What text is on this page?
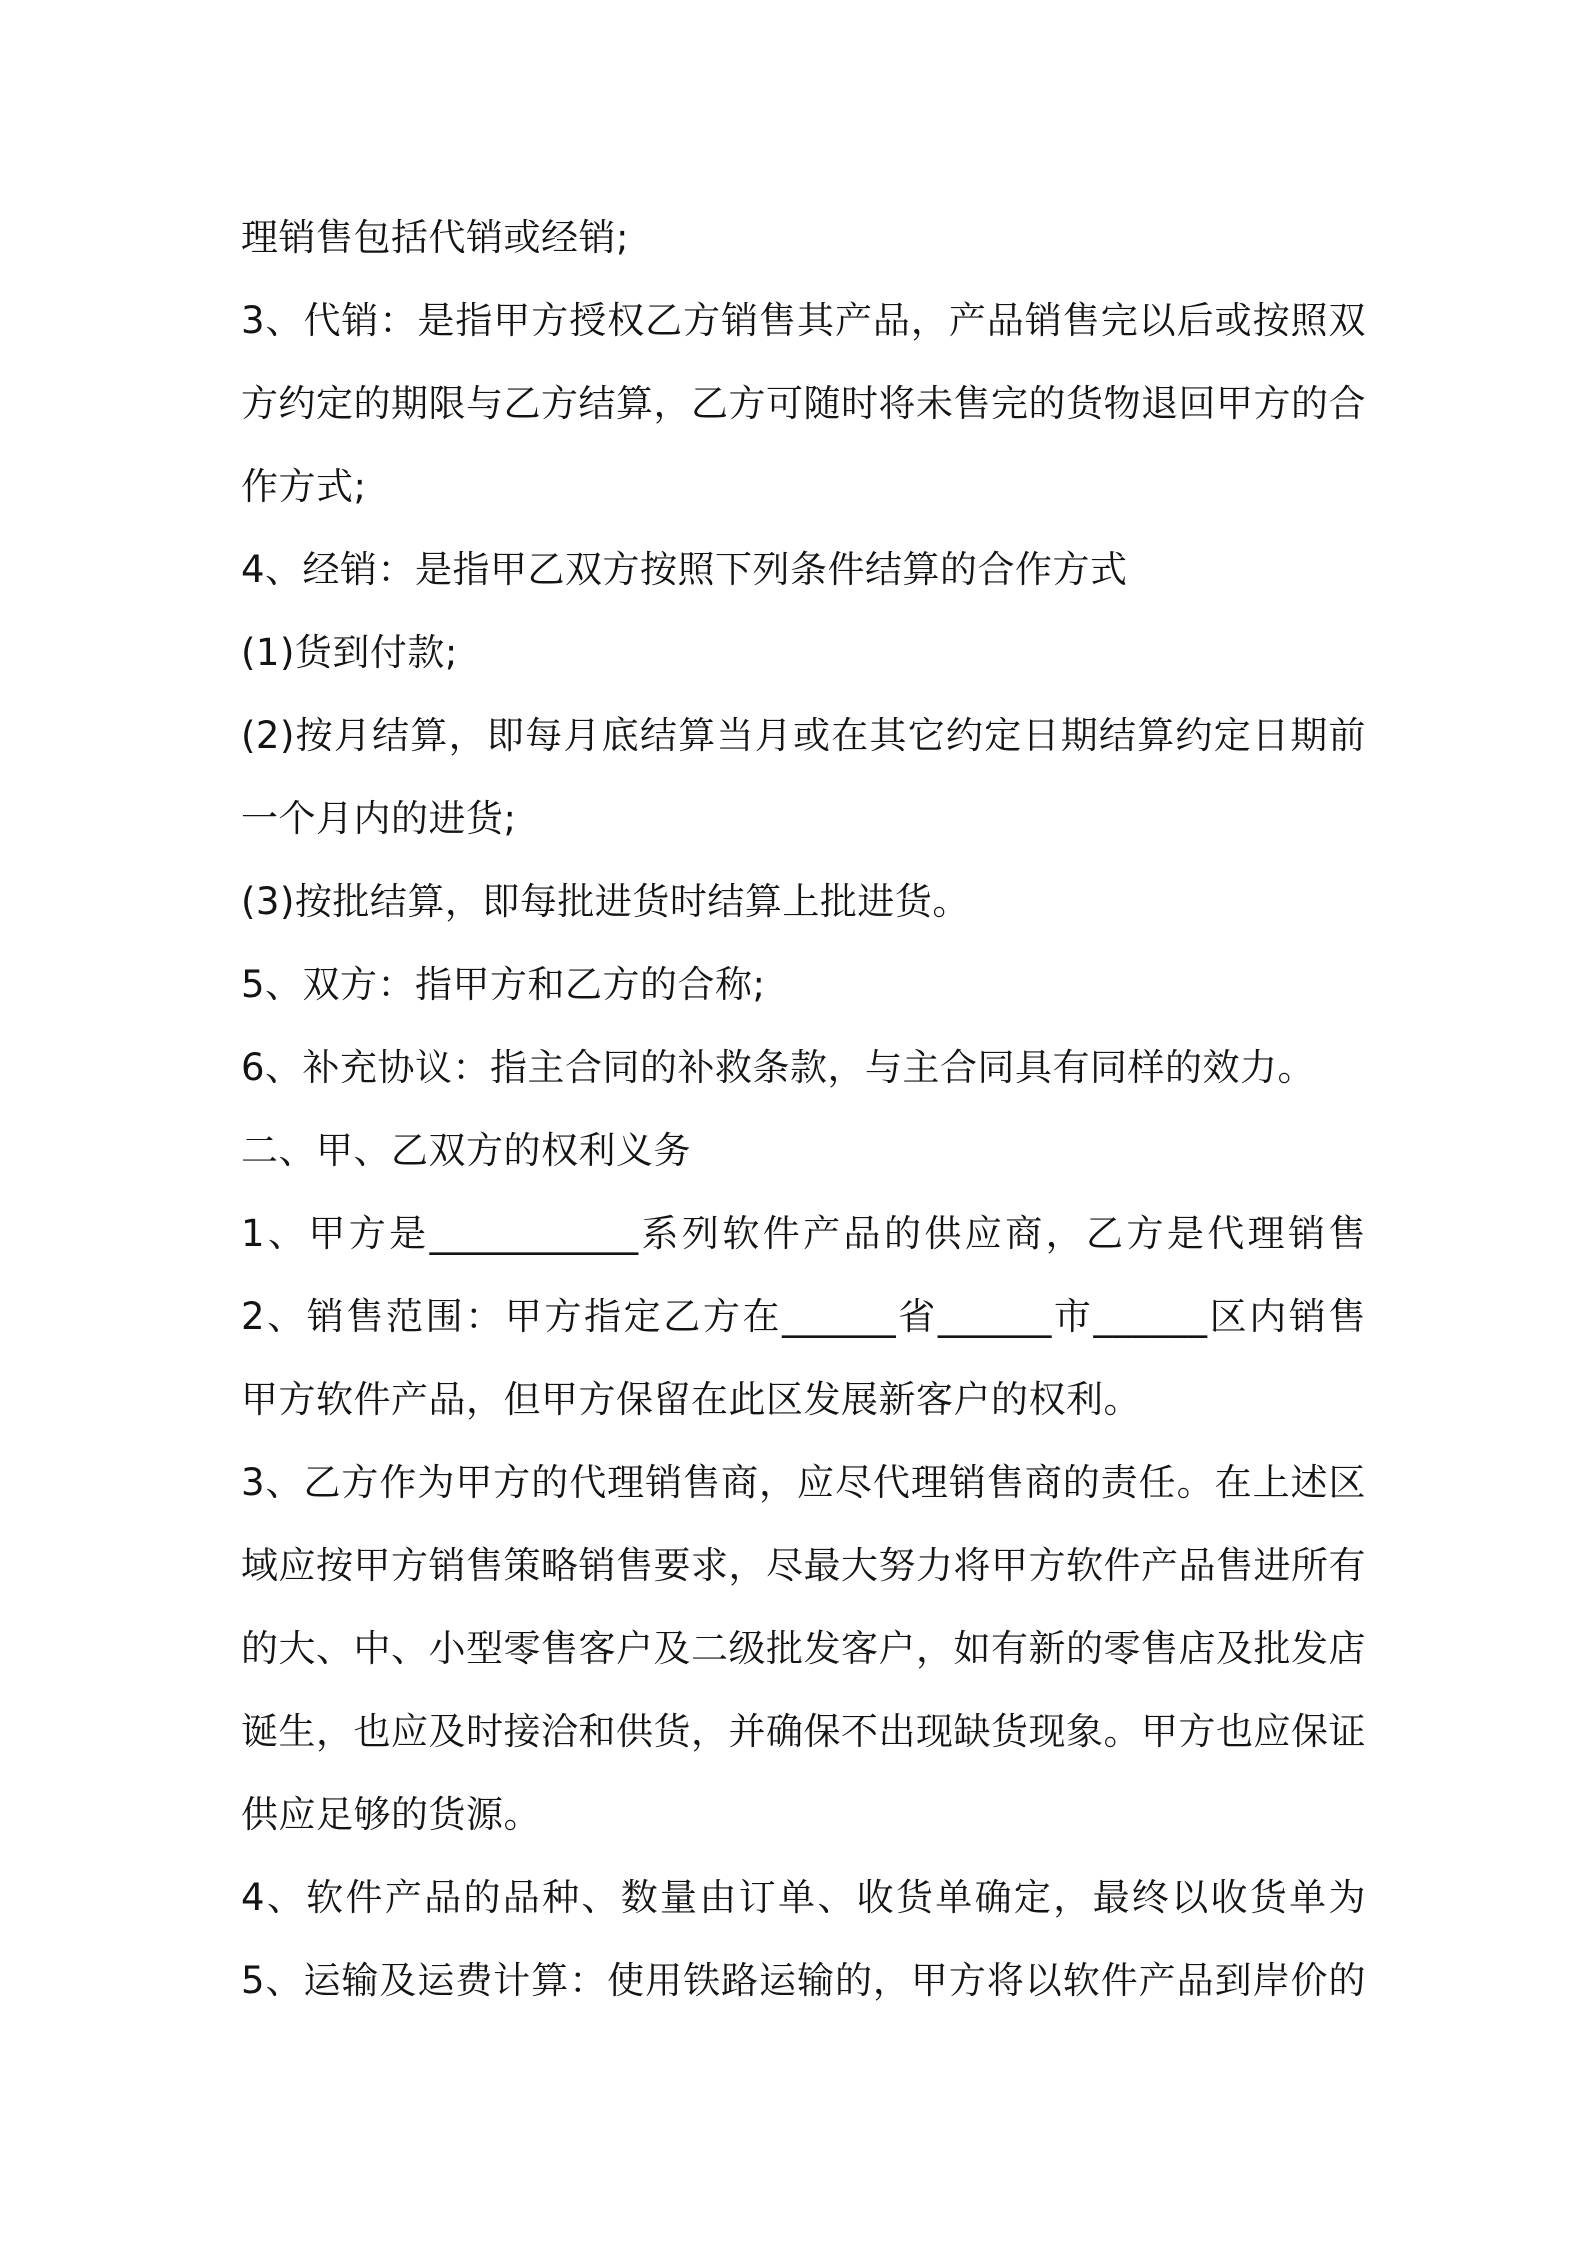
理销售包括代销或经销;
3、代销：是指甲方授权乙方销售其产品，产品销售完以后或按照双
方约定的期限与乙方结算，乙方可随时将未售完的货物退回甲方的合
作方式;
4、经销：是指甲乙双方按照下列条件结算的合作方式
(1)货到付款;
(2)按月结算，即每月底结算当月或在其它约定日期结算约定日期前
一个月内的进货;
(3)按批结算，即每批进货时结算上批进货。
5、双方：指甲方和乙方的合称;
6、补充协议：指主合同的补救条款，与主合同具有同样的效力。
二、甲、乙双方的权利义务
1、甲方是___________系列软件产品的供应商，乙方是代理销售
2、销售范围：甲方指定乙方在______省______市______区内销售
甲方软件产品，但甲方保留在此区发展新客户的权利。
3、乙方作为甲方的代理销售商，应尽代理销售商的责任。在上述区
域应按甲方销售策略销售要求，尽最大努力将甲方软件产品售进所有
的大、中、小型零售客户及二级批发客户，如有新的零售店及批发店
诞生，也应及时接洽和供货，并确保不出现缺货现象。甲方也应保证
供应足够的货源。
4、软件产品的品种、数量由订单、收货单确定，最终以收货单为
5、运输及运费计算：使用铁路运输的，甲方将以软件产品到岸价的
